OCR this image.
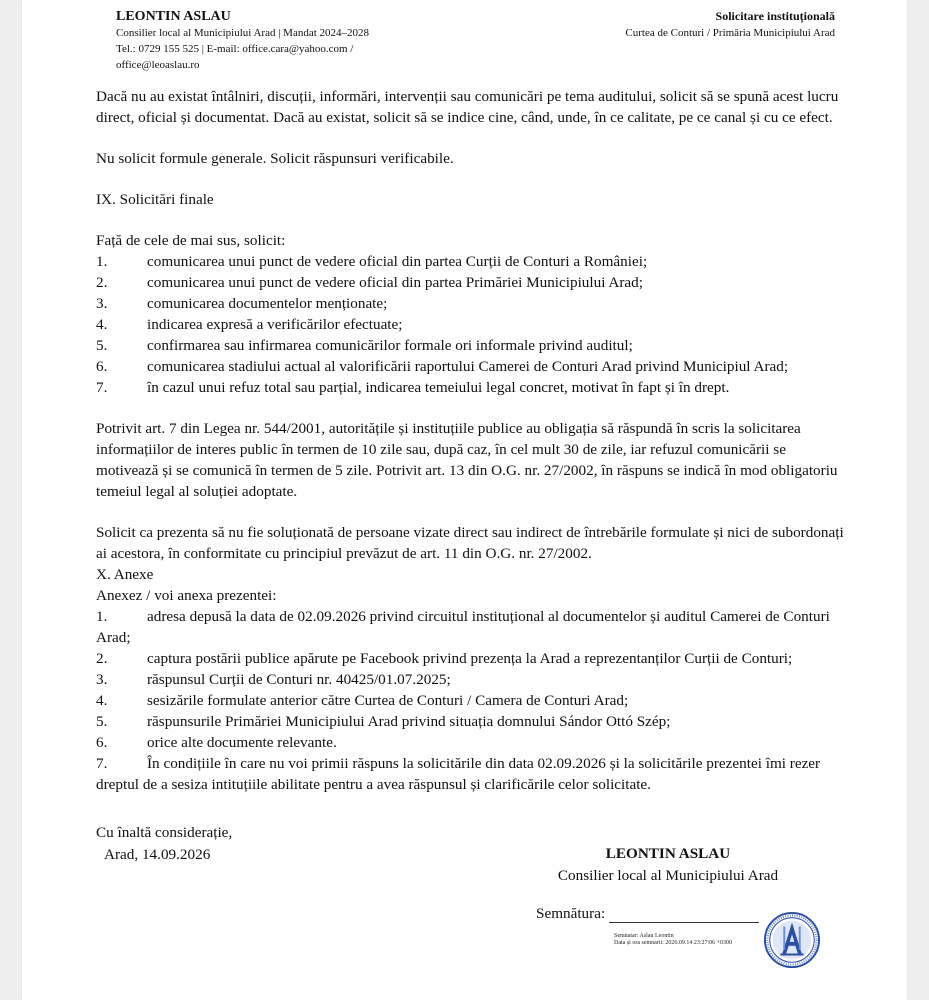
LEONTIN ASLAU
Consilier local al Municipiului Arad | Mandat 2024–2028
Tel.: 0729 155 525 | E-mail: office.cara@yahoo.com /
office@leoaslau.ro
Solicitare instituțională
Curtea de Conturi / Primăria Municipiului Arad

Dacă nu au existat întâlniri, discuții, informări, intervenții sau comunicări pe tema auditului, solicit să se spună acest lucru direct, oficial și documentat. Dacă au existat, solicit să se indice cine, când, unde, în ce calitate, pe ce canal și cu ce efect.

Nu solicit formule generale. Solicit răspunsuri verificabile.

IX. Solicitări finale

Față de cele de mai sus, solicit:

1.	comunicarea unui punct de vedere oficial din partea Curții de Conturi a României;
2.	comunicarea unui punct de vedere oficial din partea Primăriei Municipiului Arad;
3.	comunicarea documentelor menționate;
4.	indicarea expresă a verificărilor efectuate;
5.	confirmarea sau infirmarea comunicărilor formale ori informale privind auditul;
6.	comunicarea stadiului actual al valorificării raportului Camerei de Conturi Arad privind Municipiul Arad;
7.	în cazul unui refuz total sau parțial, indicarea temeiului legal concret, motivat în fapt și în drept.

Potrivit art. 7 din Legea nr. 544/2001, autoritățile și instituțiile publice au obligația să răspundă în scris la solicitarea informațiilor de interes public în termen de 10 zile sau, după caz, în cel mult 30 de zile, iar refuzul comunicării se motivează și se comunică în termen de 5 zile. Potrivit art. 13 din O.G. nr. 27/2002, în răspuns se indică în mod obligatoriu temeiul legal al soluției adoptate.

Solicit ca prezenta să nu fie soluționată de persoane vizate direct sau indirect de întrebările formulate și nici de subordonați ai acestora, în conformitate cu principiul prevăzut de art. 11 din O.G. nr. 27/2002.

X. Anexe

Anexez / voi anexa prezentei:

1.	adresa depusă la data de 02.09.2026 privind circuitul instituțional al documentelor și auditul Camerei de Conturi Arad;

2.	captura postării publice apărute pe Facebook privind prezența la Arad a reprezentanților Curții de Conturi;

3.	răspunsul Curții de Conturi nr. 40425/01.07.2025;

4.	sesizările formulate anterior către Curtea de Conturi / Camera de Conturi Arad;

5.	răspunsurile Primăriei Municipiului Arad privind situația domnului Sándor Ottó Szép;

6.	orice alte documente relevante.

7.	În condițiile în care nu voi primii răspuns la solicitările din data 02.09.2026 și la solicitările prezentei îmi rezer dreptul de a sesiza intituțiile abilitate pentru a avea răspunsul și clarificările celor solicitate.

Cu înaltă considerație,
Arad, 14.09.2026	LEONTIN ASLAU
Consilier local al Municipiului Arad
Semnătura:
Semnatar: Aslau Leontin
Data și ora semnarii: 2026.09.14 23:27:06 +0300
